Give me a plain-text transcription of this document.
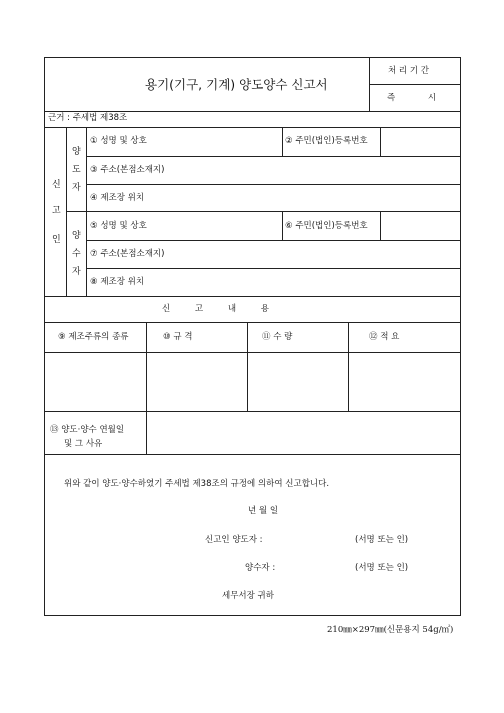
용기(기구, 기계) 양도양수 신고서
처 리 기 간
즉 시
근거 : 주세법 제38조
신
고
인
양
도
자
양
수
자
① 성명 및 상호	② 주민(법인)등록번호
③ 주소(본점소재지)
④ 제조장 위치
⑤ 성명 및 상호	⑥ 주민(법인)등록번호
⑦ 주소(본점소재지)
⑧ 제조장 위치
신 고 내 용
⑨ 제조주류의 종류	⑩ 규 격	⑪ 수 량	⑫ 적 요
⑬ 양도·양수 연월일
및 그 사유
위와 같이 양도·양수하였기 주세법 제38조의 규정에 의하여 신고합니다.
년 월 일
신고인 양도자 :	(서명 또는 인)
양수자 :	(서명 또는 인)
세무서장 귀하
210㎜×297㎜(신문용지 54g/㎡)
